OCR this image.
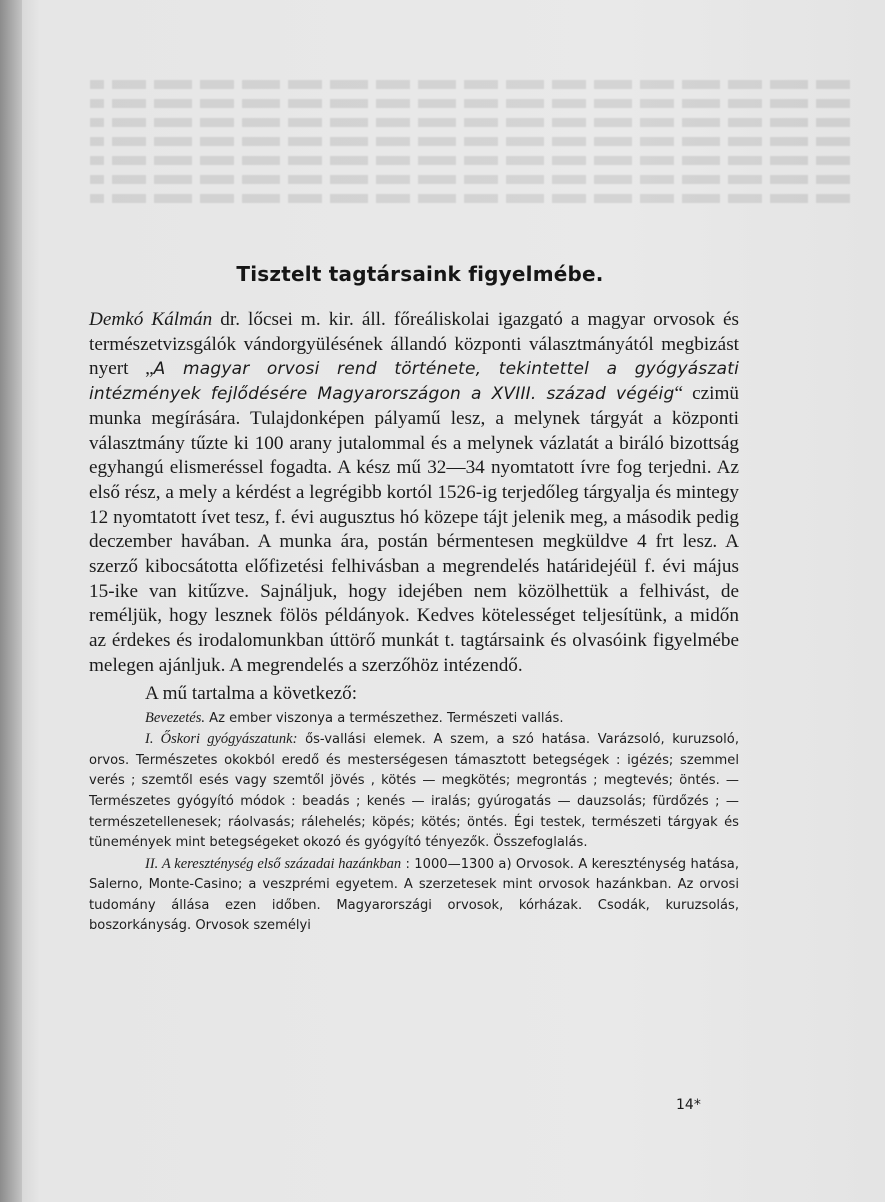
Tisztelt tagtársaink figyelmébe.

Demkó Kálmán dr. lőcsei m. kir. áll. főreáliskolai igazgató a magyar orvosok és természetvizsgálók vándorgyülésének állandó központi választmányától megbizást nyert „A magyar orvosi rend története, tekintettel a gyógyászati intézmények fejlődésére Magyarországon a XVIII. század végéig“ czimü munka megírására. Tulajdonképen pályamű lesz, a melynek tárgyát a központi választmány tűzte ki 100 arany jutalommal és a melynek vázlatát a biráló bizottság egyhangú elismeréssel fogadta. A kész mű 32—34 nyomtatott ívre fog terjedni. Az első rész, a mely a kérdést a legrégibb kortól 1526-ig terjedőleg tárgyalja és mintegy 12 nyomtatott ívet tesz, f. évi augusztus hó közepe tájt jelenik meg, a második pedig deczember havában. A munka ára, postán bérmentesen megküldve 4 frt lesz. A szerző kibocsátotta előfizetési felhivásban a megrendelés határidejéül f. évi május 15-ike van kitűzve. Sajnáljuk, hogy idejében nem közölhettük a felhivást, de reméljük, hogy lesznek fölös példányok. Kedves kötelességet teljesítünk, a midőn az érdekes és irodalomunkban úttörő munkát t. tagtársaink és olvasóink figyelmébe melegen ajánljuk. A megrendelés a szerzőhöz intézendő.

A mű tartalma a következő:

Bevezetés. Az ember viszonya a természethez. Természeti vallás.

I. Őskori gyógyászatunk: ős-vallási elemek. A szem, a szó hatása. Varázsoló, kuruzsoló, orvos. Természetes okokból eredő és mesterségesen támasztott betegségek : igézés; szemmel verés ; szemtől esés vagy szemtől jövés , kötés — megkötés; megrontás ; megtevés; öntés. — Természetes gyógyító módok : beadás ; kenés — iralás; gyúrogatás — dauzsolás; fürdőzés ; — természetellenesek; ráolvasás; rálehelés; köpés; kötés; öntés. Égi testek, természeti tárgyak és tünemények mint betegségeket okozó és gyógyító tényezők. Összefoglalás.

II. A kereszténység első századai hazánkban : 1000—1300 a) Orvosok. A kereszténység hatása, Salerno, Monte-Casino; a veszprémi egyetem. A szerzetesek mint orvosok hazánkban. Az orvosi tudomány állása ezen időben. Magyarországi orvosok, kórházak. Csodák, kuruzsolás, boszorkányság. Orvosok személyi

14*
